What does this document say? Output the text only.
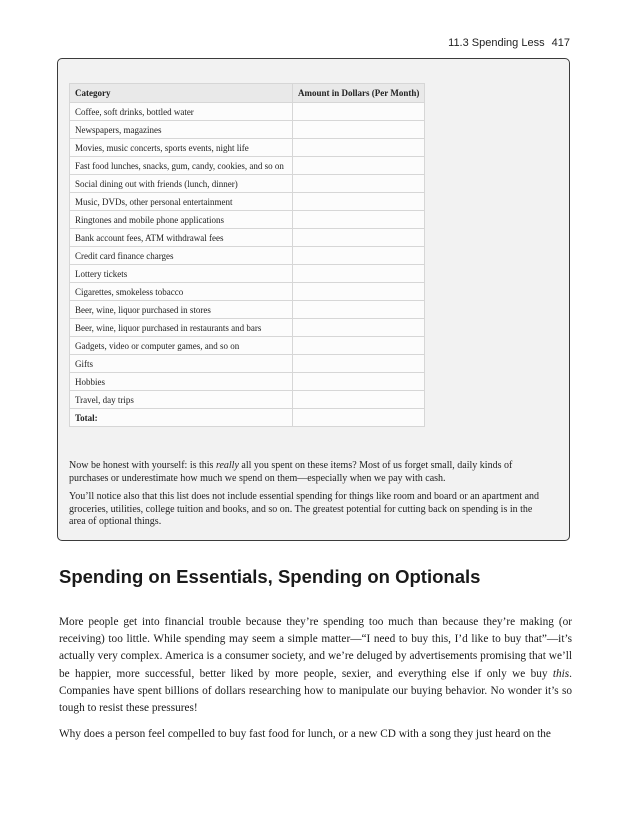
11.3 Spending Less 417
Category	Amount in Dollars (Per Month)
Coffee, soft drinks, bottled water	
Newspapers, magazines	
Movies, music concerts, sports events, night life	
Fast food lunches, snacks, gum, candy, cookies, and so on	
Social dining out with friends (lunch, dinner)	
Music, DVDs, other personal entertainment	
Ringtones and mobile phone applications	
Bank account fees, ATM withdrawal fees	
Credit card finance charges	
Lottery tickets	
Cigarettes, smokeless tobacco	
Beer, wine, liquor purchased in stores	
Beer, wine, liquor purchased in restaurants and bars	
Gadgets, video or computer games, and so on	
Gifts	
Hobbies	
Travel, day trips	
Total:	

Now be honest with yourself: is this really all you spent on these items? Most of us forget small, daily kinds of purchases or underestimate how much we spend on them—especially when we pay with cash.

You’ll notice also that this list does not include essential spending for things like room and board or an apartment and groceries, utilities, college tuition and books, and so on. The greatest potential for cutting back on spending is in the area of optional things.

Spending on Essentials, Spending on Optionals

More people get into financial trouble because they’re spending too much than because they’re making (or receiving) too little. While spending may seem a simple matter—“I need to buy this, I’d like to buy that”—it’s actually very complex. America is a consumer society, and we’re deluged by advertisements promising that we’ll be happier, more successful, better liked by more people, sexier, and everything else if only we buy this. Companies have spent billions of dollars researching how to manipulate our buying behavior. No wonder it’s so tough to resist these pressures!

Why does a person feel compelled to buy fast food for lunch, or a new CD with a song they just heard on the
